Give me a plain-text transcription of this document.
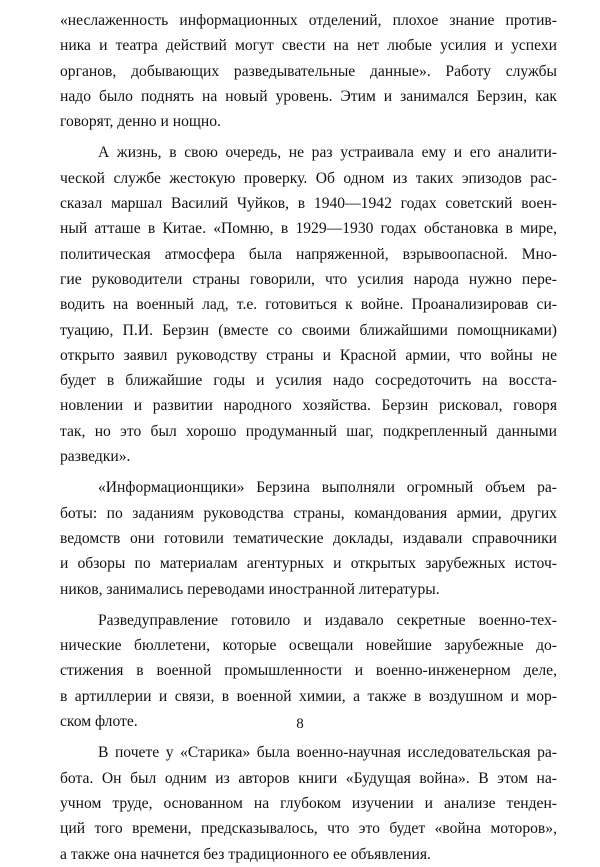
«неслаженность информационных отделений, плохое знание против-
ника и театра действий могут свести на нет любые усилия и успехи
органов, добывающих разведывательные данные». Работу службы
надо было поднять на новый уровень. Этим и занимался Берзин, как
говорят, денно и нощно.
А жизнь, в свою очередь, не раз устраивала ему и его аналити-
ческой службе жестокую проверку. Об одном из таких эпизодов рас-
сказал маршал Василий Чуйков, в 1940—1942 годах советский воен-
ный атташе в Китае. «Помню, в 1929—1930 годах обстановка в мире,
политическая атмосфера была напряженной, взрывоопасной. Мно-
гие руководители страны говорили, что усилия народа нужно пере-
водить на военный лад, т.е. готовиться к войне. Проанализировав си-
туацию, П.И. Берзин (вместе со своими ближайшими помощниками)
открыто заявил руководству страны и Красной армии, что войны не
будет в ближайшие годы и усилия надо сосредоточить на восста-
новлении и развитии народного хозяйства. Берзин рисковал, говоря
так, но это был хорошо продуманный шаг, подкрепленный данными
разведки».
«Информационщики» Берзина выполняли огромный объем ра-
боты: по заданиям руководства страны, командования армии, других
ведомств они готовили тематические доклады, издавали справочники
и обзоры по материалам агентурных и открытых зарубежных источ-
ников, занимались переводами иностранной литературы.
Разведуправление готовило и издавало секретные военно-тех-
нические бюллетени, которые освещали новейшие зарубежные до-
стижения в военной промышленности и военно-инженерном деле,
в артиллерии и связи, в военной химии, а также в воздушном и мор-
ском флоте.
В почете у «Старика» была военно-научная исследовательская ра-
бота. Он был одним из авторов книги «Будущая война». В этом на-
учном труде, основанном на глубоком изучении и анализе тенден-
ций того времени, предсказывалось, что это будет «война моторов»,
а также она начнется без традиционного ее объявления.
8
